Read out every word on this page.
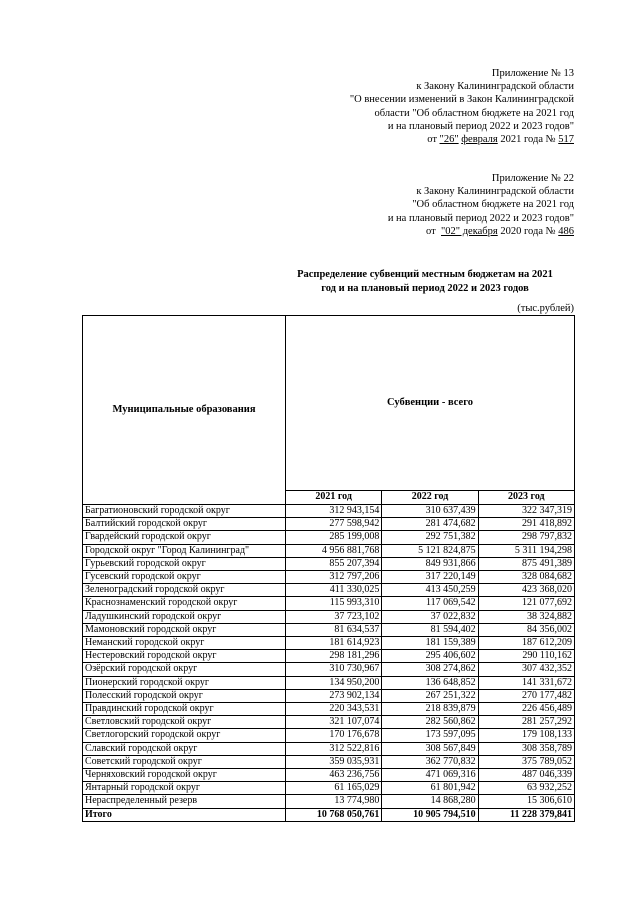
Приложение № 13
к Закону Калининградской области
"О внесении изменений в Закон Калининградской
области "Об областном бюджете на 2021 год
и на плановый период 2022 и 2023 годов"
от "26" февраля 2021 года № 517
Приложение № 22
к Закону Калининградской области
"Об областном бюджете на 2021 год
и на плановый период 2022 и 2023 годов"
от  "02" декабря 2020 года № 486
Распределение субвенций местным бюджетам на 2021
год и на плановый период 2022 и 2023 годов
(тыс.рублей)
Муниципальные образования	Субвенции - всего		
	2021 год	2022 год	2023 год
Багратионовский городской округ	312 943,154	310 637,439	322 347,319
Балтийский городской округ	277 598,942	281 474,682	291 418,892
Гвардейский городской округ	285 199,008	292 751,382	298 797,832
Городской округ "Город Калининград"	4 956 881,768	5 121 824,875	5 311 194,298
Гурьевский городской округ	855 207,394	849 931,866	875 491,389
Гусевский городской округ	312 797,206	317 220,149	328 084,682
Зеленоградский городской округ	411 330,025	413 450,259	423 368,020
Краснознаменский городской округ	115 993,310	117 069,542	121 077,692
Ладушкинский городской округ	37 723,102	37 022,832	38 324,882
Мамоновский городской округ	81 634,537	81 594,402	84 356,002
Неманский городской округ	181 614,923	181 159,389	187 612,209
Нестеровский городской округ	298 181,296	295 406,602	290 110,162
Озёрский городской округ	310 730,967	308 274,862	307 432,352
Пионерский городской округ	134 950,200	136 648,852	141 331,672
Полесский городской округ	273 902,134	267 251,322	270 177,482
Правдинский городской округ	220 343,531	218 839,879	226 456,489
Светловский городской округ	321 107,074	282 560,862	281 257,292
Светлогорский городской округ	170 176,678	173 597,095	179 108,133
Славский городской округ	312 522,816	308 567,849	308 358,789
Советский городской округ	359 035,931	362 770,832	375 789,052
Черняховский городской округ	463 236,756	471 069,316	487 046,339
Янтарный городской округ	61 165,029	61 801,942	63 932,252
Нераспределенный резерв	13 774,980	14 868,280	15 306,610
Итого	10 768 050,761	10 905 794,510	11 228 379,841
